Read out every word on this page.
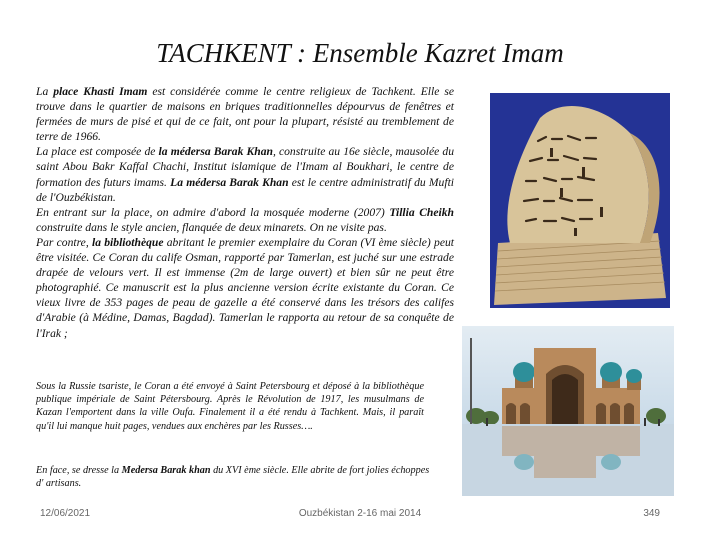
TACHKENT : Ensemble Kazret Imam

La place Khasti Imam est considérée comme le centre religieux de Tachkent. Elle se trouve dans le quartier de maisons en briques traditionnelles dépourvus de fenêtres et fermées de murs de pisé et qui de ce fait, ont pour la plupart, résisté au tremblement de terre de 1966.

La place est composée de la médersa Barak Khan, construite au 16e siècle, mausolée du saint Abou Bakr Kaffal Chachi, Institut islamique de l'Imam al Boukhari, le centre de formation des futurs imams. La médersa Barak Khan est le centre administratif du Mufti de l'Ouzbékistan.

En entrant sur la place, on admire d'abord la mosquée moderne (2007) Tillia Cheikh construite dans le style ancien, flanquée de deux minarets. On ne visite pas.

Par contre, la bibliothèque abritant le premier exemplaire du Coran (VI ème siècle) peut être visitée. Ce Coran du calife Osman, rapporté par Tamerlan, est juché sur une estrade drapée de velours vert. Il est immense (2m de large ouvert) et bien sûr ne peut être photographié. Ce manuscrit est la plus ancienne version écrite existante du Coran. Ce vieux livre de 353 pages de peau de gazelle a été conservé dans les trésors des califes d'Arabie (à Médine, Damas, Bagdad). Tamerlan le rapporta au retour de sa conquête de l'Irak ;

Sous la Russie tsariste, le Coran a été envoyé à Saint Petersbourg et déposé à la bibliothèque publique impériale de Saint Pétersbourg. Après le Révolution de 1917, les musulmans de Kazan l'emportent dans la ville Oufa. Finalement il a été rendu à Tachkent. Mais, il paraît qu'il lui manque huit pages, vendues aux enchères par les Russes….
En face, se dresse la Medersa Barak khan du XVI ème siècle. Elle abrite de fort jolies échoppes d' artisans.
12/06/2021	Ouzbékistan 2-16 mai 2014	349
